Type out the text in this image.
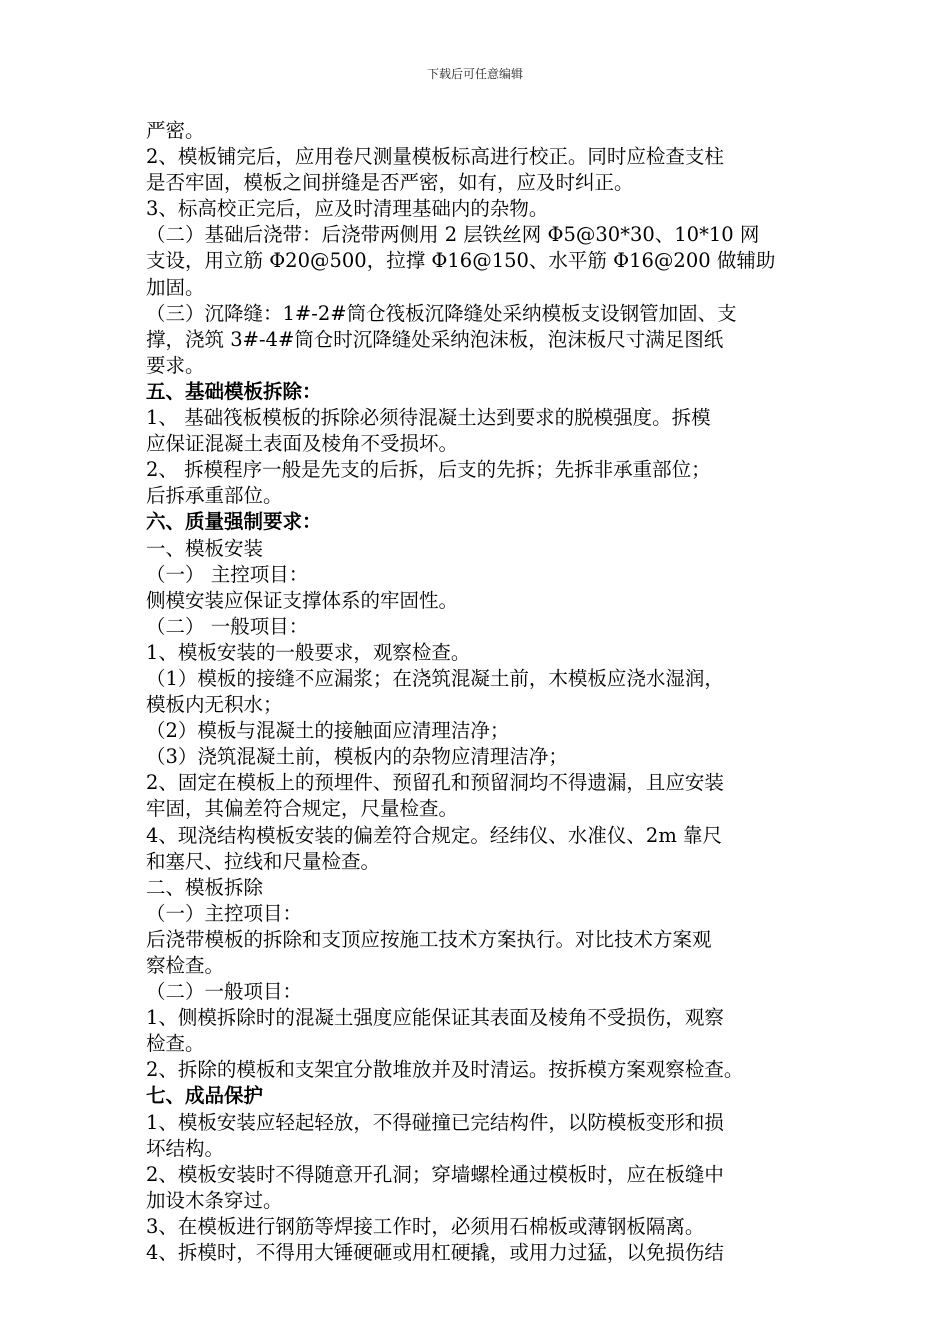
下载后可任意编辑
严密。
2、模板铺完后，应用卷尺测量模板标高进行校正。同时应检查支柱
是否牢固，模板之间拼缝是否严密，如有，应及时纠正。
3、标高校正完后，应及时清理基础内的杂物。
（二）基础后浇带：后浇带两侧用 2 层铁丝网 Φ5@30*30、10*10 网
支设，用立筋 Φ20@500，拉撑 Φ16@150、水平筋 Φ16@200 做辅助
加固。
（三）沉降缝：1#-2#筒仓筏板沉降缝处采纳模板支设钢管加固、支
撑，浇筑 3#-4#筒仓时沉降缝处采纳泡沫板，泡沫板尺寸满足图纸
要求。
五、基础模板拆除：
1、 基础筏板模板的拆除必须待混凝土达到要求的脱模强度。拆模
应保证混凝土表面及棱角不受损坏。
2、 拆模程序一般是先支的后拆，后支的先拆；先拆非承重部位；
后拆承重部位。
六、质量强制要求：
一、模板安装
（一） 主控项目：
侧模安装应保证支撑体系的牢固性。
（二） 一般项目：
1、模板安装的一般要求，观察检查。
（1）模板的接缝不应漏浆；在浇筑混凝土前，木模板应浇水湿润，
模板内无积水；
（2）模板与混凝土的接触面应清理洁净；
（3）浇筑混凝土前，模板内的杂物应清理洁净；
2、固定在模板上的预埋件、预留孔和预留洞均不得遗漏，且应安装
牢固，其偏差符合规定，尺量检查。
4、现浇结构模板安装的偏差符合规定。经纬仪、水准仪、2m 靠尺
和塞尺、拉线和尺量检查。
二、模板拆除
（一）主控项目：
后浇带模板的拆除和支顶应按施工技术方案执行。对比技术方案观
察检查。
（二）一般项目：
1、侧模拆除时的混凝土强度应能保证其表面及棱角不受损伤，观察
检查。
2、拆除的模板和支架宜分散堆放并及时清运。按拆模方案观察检查。
七、成品保护
1、模板安装应轻起轻放，不得碰撞已完结构件，以防模板变形和损
坏结构。
2、模板安装时不得随意开孔洞；穿墙螺栓通过模板时，应在板缝中
加设木条穿过。
3、在模板进行钢筋等焊接工作时，必须用石棉板或薄钢板隔离。
4、拆模时，不得用大锤硬砸或用杠硬撬，或用力过猛，以免损伤结
